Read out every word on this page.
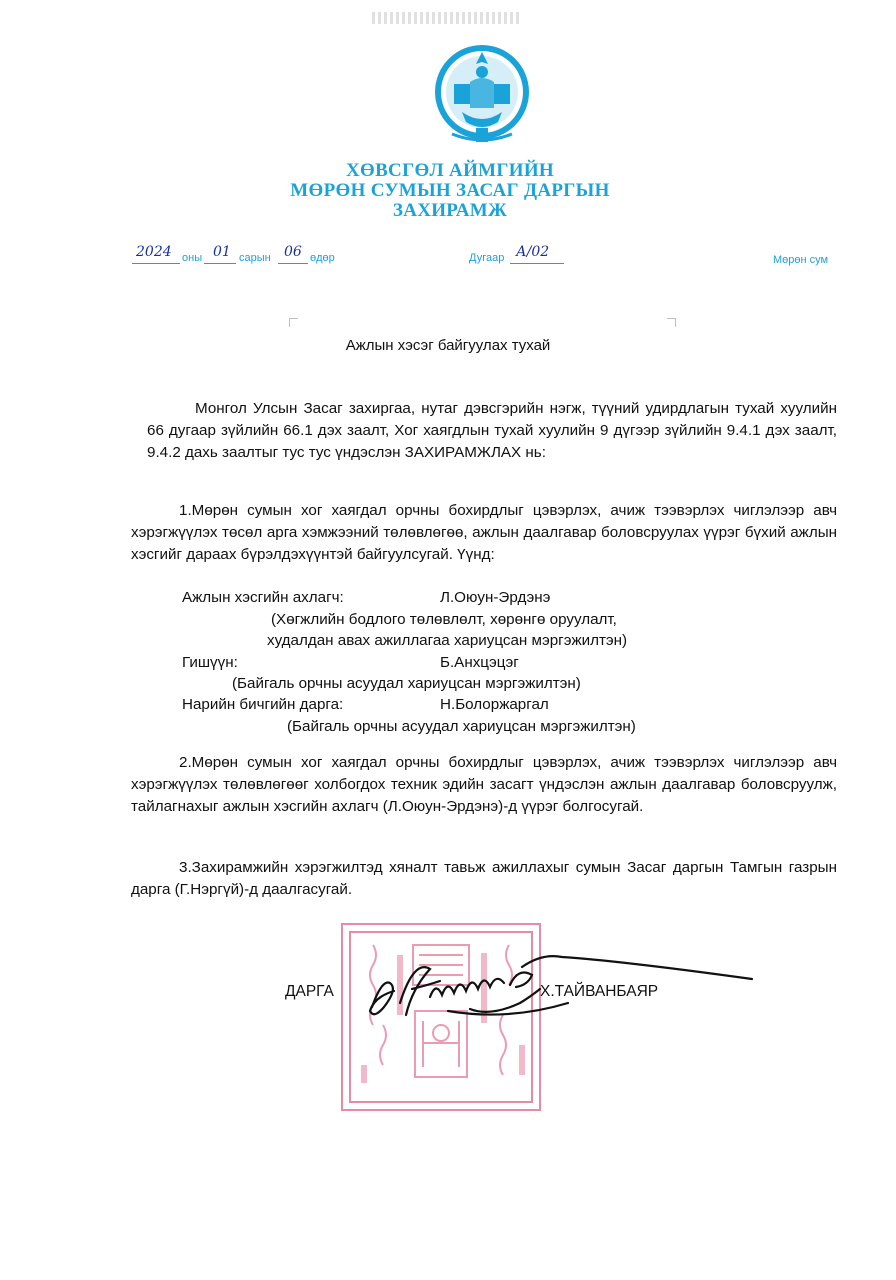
ХӨВСГӨЛ АЙМГИЙН
МӨРӨН СУМЫН ЗАСАГ ДАРГЫН
ЗАХИРАМЖ
2024 оны 01 сарын 06 өдөр	Дугаар А/02	Мөрөн сум
Ажлын хэсэг байгуулах тухай
Монгол Улсын Засаг захиргаа, нутаг дэвсгэрийн нэгж, түүний удирдлагын тухай хуулийн 66 дугаар зүйлийн 66.1 дэх заалт, Хог хаягдлын тухай хуулийн 9 дүгээр зүйлийн 9.4.1 дэх заалт, 9.4.2 дахь заалтыг тус тус үндэслэн ЗАХИРАМЖЛАХ нь:
1.Мөрөн сумын хог хаягдал орчны бохирдлыг цэвэрлэх, ачиж тээвэрлэх чиглэлээр авч хэрэгжүүлэх төсөл арга хэмжээний төлөвлөгөө, ажлын даалгавар боловсруулах үүрэг бүхий ажлын хэсгийг дараах бүрэлдэхүүнтэй байгуулсугай. Үүнд:
Ажлын хэсгийн ахлагч:	Л.Оюун-Эрдэнэ
(Хөгжлийн бодлого төлөвлөлт, хөрөнгө оруулалт,
худалдан авах ажиллагаа хариуцсан мэргэжилтэн)
Гишүүн:	Б.Анхцэцэг
(Байгаль орчны асуудал хариуцсан мэргэжилтэн)
Нарийн бичгийн дарга:	Н.Болоржаргал
(Байгаль орчны асуудал хариуцсан мэргэжилтэн)
2.Мөрөн сумын хог хаягдал орчны бохирдлыг цэвэрлэх, ачиж тээвэрлэх чиглэлээр авч хэрэгжүүлэх төлөвлөгөөг холбогдох техник эдийн засагт үндэслэн ажлын даалгавар боловсруулж, тайлагнахыг ажлын хэсгийн ахлагч (Л.Оюун-Эрдэнэ)-д үүрэг болгосугай.
3.Захирамжийн хэрэгжилтэд хяналт тавьж ажиллахыг сумын Засаг даргын Тамгын газрын дарга (Г.Нэргүй)-д даалгасугай.
ДАРГА	Х.ТАЙВАНБАЯР
